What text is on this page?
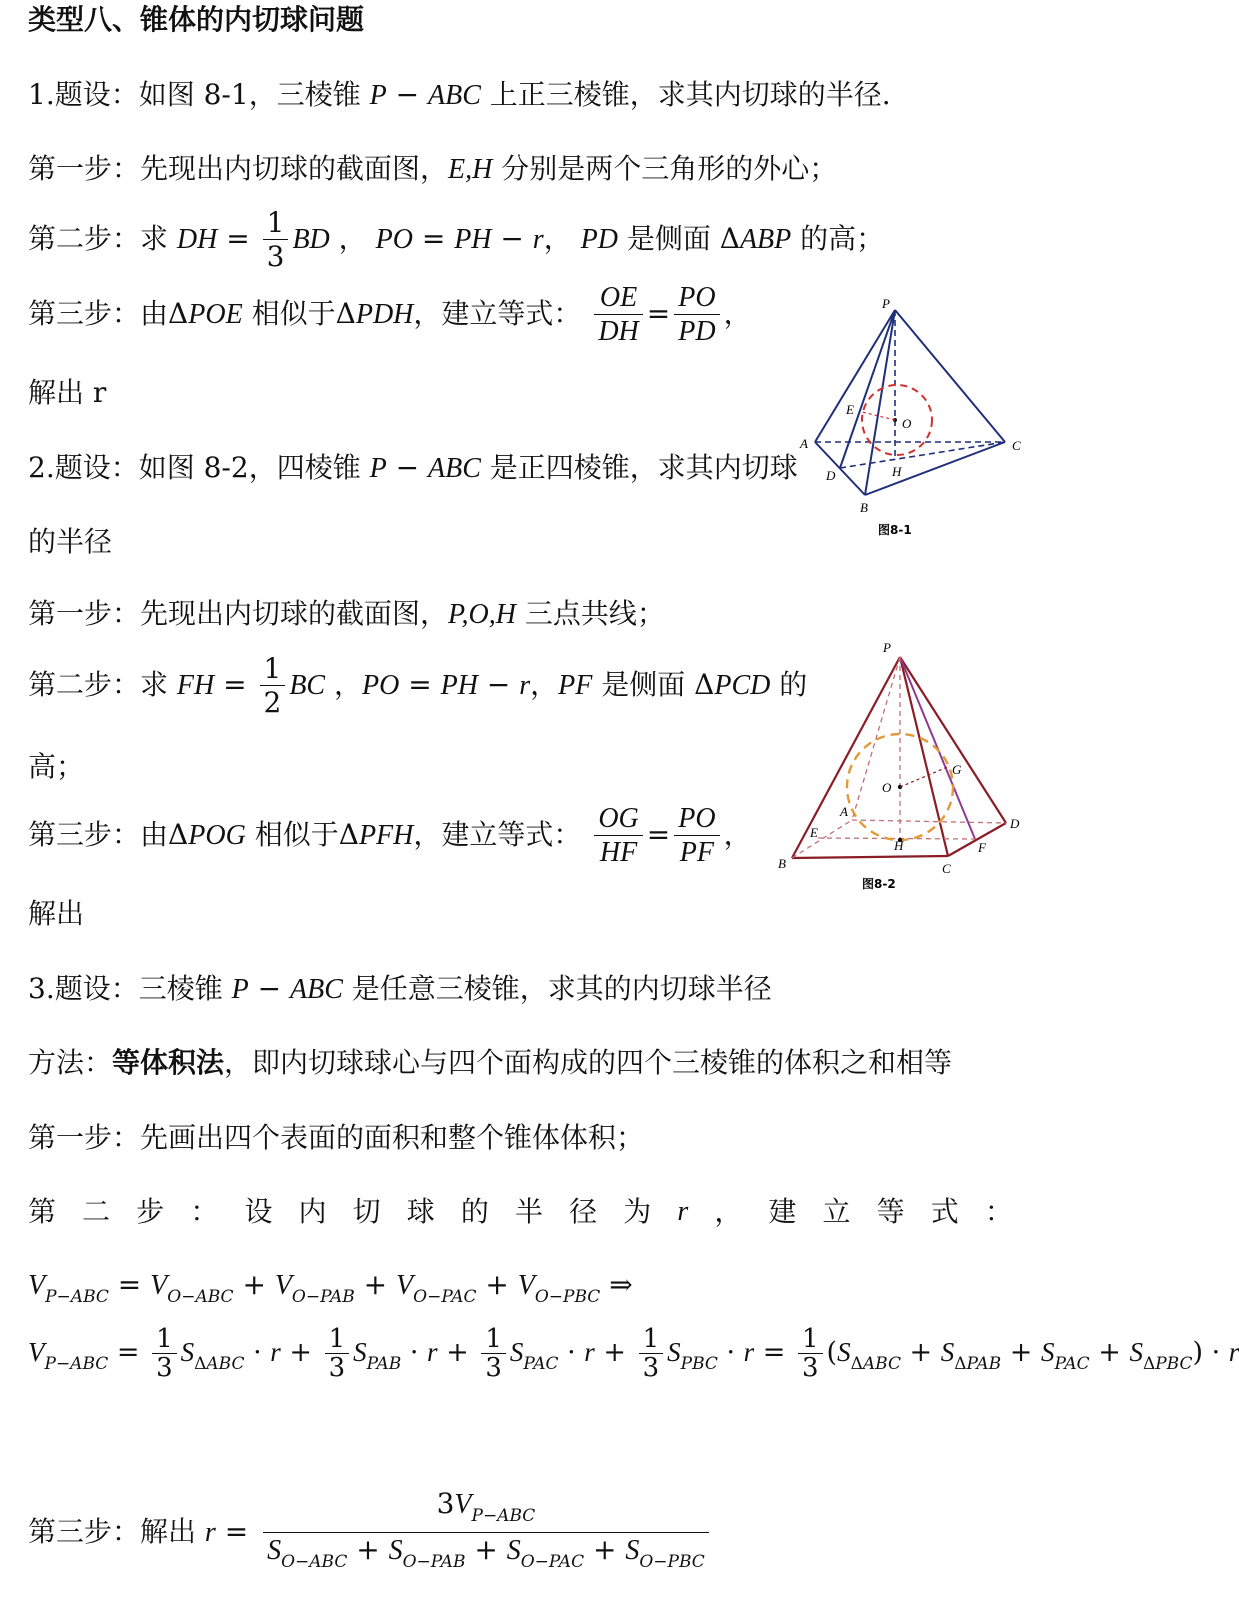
类型八、锥体的内切球问题
1.题设：如图 8-1，三棱锥 P − ABC 上正三棱锥，求其内切球的半径.
第一步：先现出内切球的截面图，E,H 分别是两个三角形的外心；
第二步：求 DH = $\frac{1}{3}$ BD ， PO = PH − r， PD 是侧面 ΔABP 的高；
第三步：由ΔPOE 相似于ΔPDH，建立等式： $\frac{OE}{DH} = \frac{PO}{PD}$ ，
解出 r
2.题设：如图 8-2，四棱锥 P − ABC 是正四棱锥，求其内切球
的半径
第一步：先现出内切球的截面图，P,O,H 三点共线；
第二步：求 FH = $\frac{1}{2}$ BC ，PO = PH − r，PF 是侧面 ΔPCD 的
高；
第三步：由ΔPOG 相似于ΔPFH，建立等式： $\frac{OG}{HF} = \frac{PO}{PF}$ ，
解出
3.题设：三棱锥 P − ABC 是任意三棱锥，求其的内切球半径
方法：等体积法，即内切球球心与四个面构成的四个三棱锥的体积之和相等
第一步：先画出四个表面的面积和整个锥体体积；
第 二 步 ： 设 内 切 球 的 半 径 为 r ， 建 立 等 式 ：
$V_{P-ABC} = V_{O-ABC} + V_{O-PAB} + V_{O-PAC} + V_{O-PBC}$ ⇒
$V_{P-ABC} = \frac{1}{3} S_{\Delta ABC} \cdot r + \frac{1}{3} S_{PAB} \cdot r + \frac{1}{3} S_{PAC} \cdot r + \frac{1}{3} S_{PBC} \cdot r = \frac{1}{3} (S_{\Delta ABC} + S_{\Delta PAB} + S_{PAC} + S_{\Delta PBC}) \cdot r$
第三步：解出 $r = \frac{3V_{P-ABC}}{S_{O-ABC} + S_{O-PAB} + S_{O-PAC} + S_{O-PBC}}$
P
A
B
C
D
E
H
O
图8-1
P
A
B	C
D
E
F
G
H
O
图8-2
